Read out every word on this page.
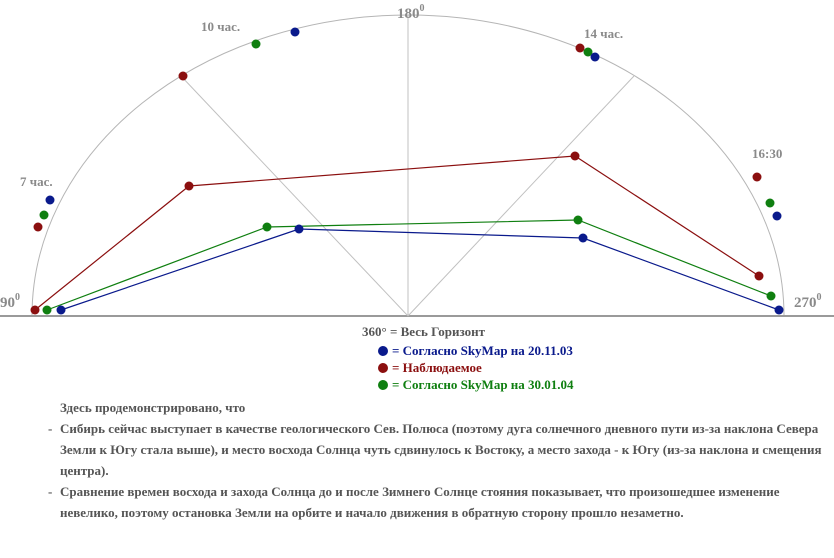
$180^0$
$90^0$	$270^0$
10 час.	14 час.
7 час.
16:30
360° = Весь Горизонт
= Согласно SkyMap на 20.11.03
= Наблюдаемое
= Согласно SkyMap на 30.01.04
Здесь продемонстрировано, что
- Сибирь сейчас выступает в качестве геологического Сев. Полюса (поэтому дуга солнечного дневного пути из-за наклона Севера Земли к Югу стала выше), и место восхода Солнца чуть сдвинулось к Востоку, а место захода - к Югу (из-за наклона и смещения центра).
- Сравнение времен восхода и захода Солнца до и после Зимнего Солнце стояния показывает, что произошедшее изменение невелико, поэтому остановка Земли на орбите и начало движения в обратную сторону прошло незаметно.
